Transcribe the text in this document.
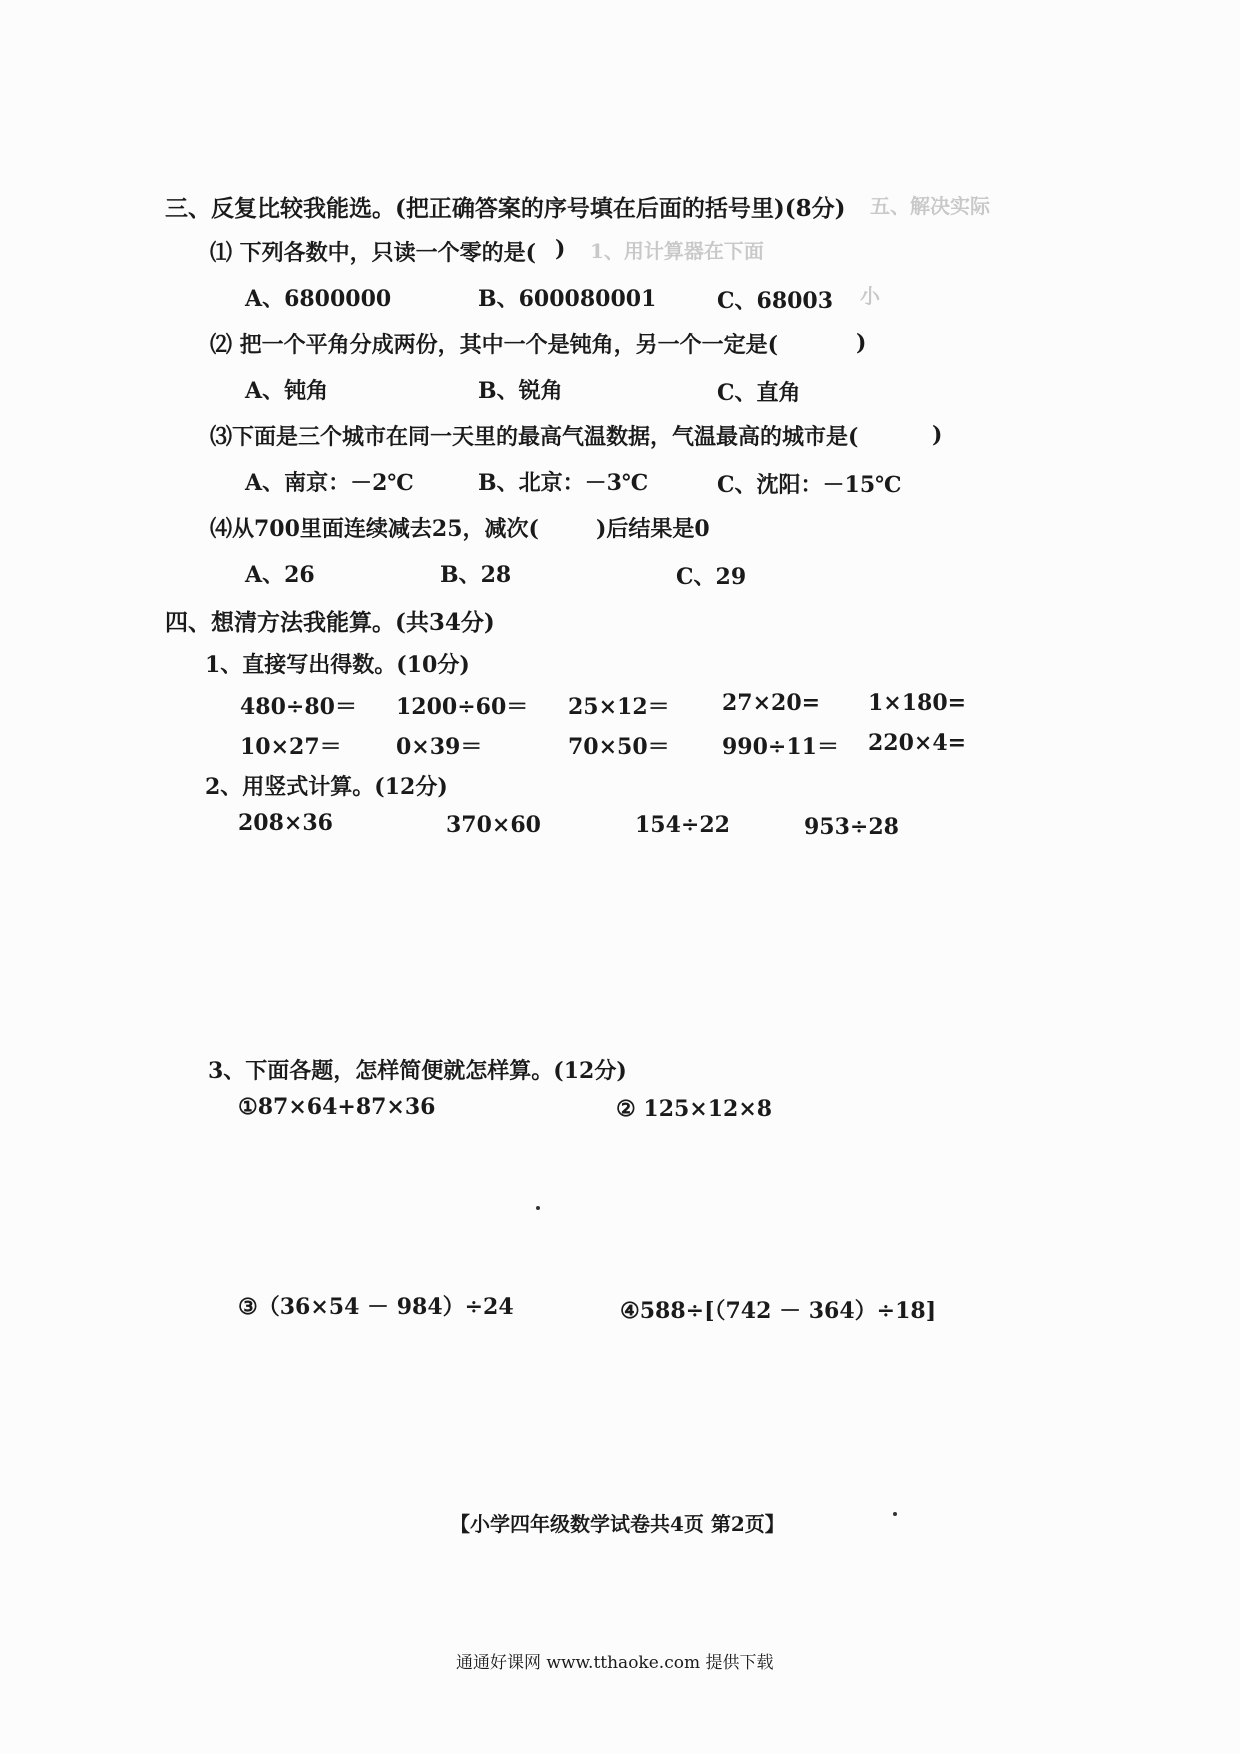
五、解决实际
1、用计算器在下面
小
三、反复比较我能选。(把正确答案的序号填在后面的括号里)(8分)
⑴ 下列各数中，只读一个零的是( )
A、6800000	B、600080001	C、68003
⑵ 把一个平角分成两份，其中一个是钝角，另一个一定是(	)
A、钝角	B、锐角	C、直角
⑶下面是三个城市在同一天里的最高气温数据，气温最高的城市是(	)
A、南京：－2℃	B、北京：－3℃	C、沈阳：－15℃
⑷从700里面连续减去25，减次(	)后结果是0
A、26	B、28	C、29
四、想清方法我能算。(共34分)
1、直接写出得数。(10分)
480÷80＝ 1200÷60＝ 25×12＝ 27×20= 1×180=
10×27＝ 0×39＝	70×50＝ 990÷11＝ 220×4=
2、用竖式计算。(12分)
208×36	370×60	154÷22	953÷28
3、下面各题，怎样简便就怎样算。(12分)
①87×64+87×36	② 125×12×8
③（36×54 － 984）÷24	④588÷[（742 － 364）÷18]
【小学四年级数学试卷共4页 第2页】
通通好课网 www.tthaoke.com 提供下载
